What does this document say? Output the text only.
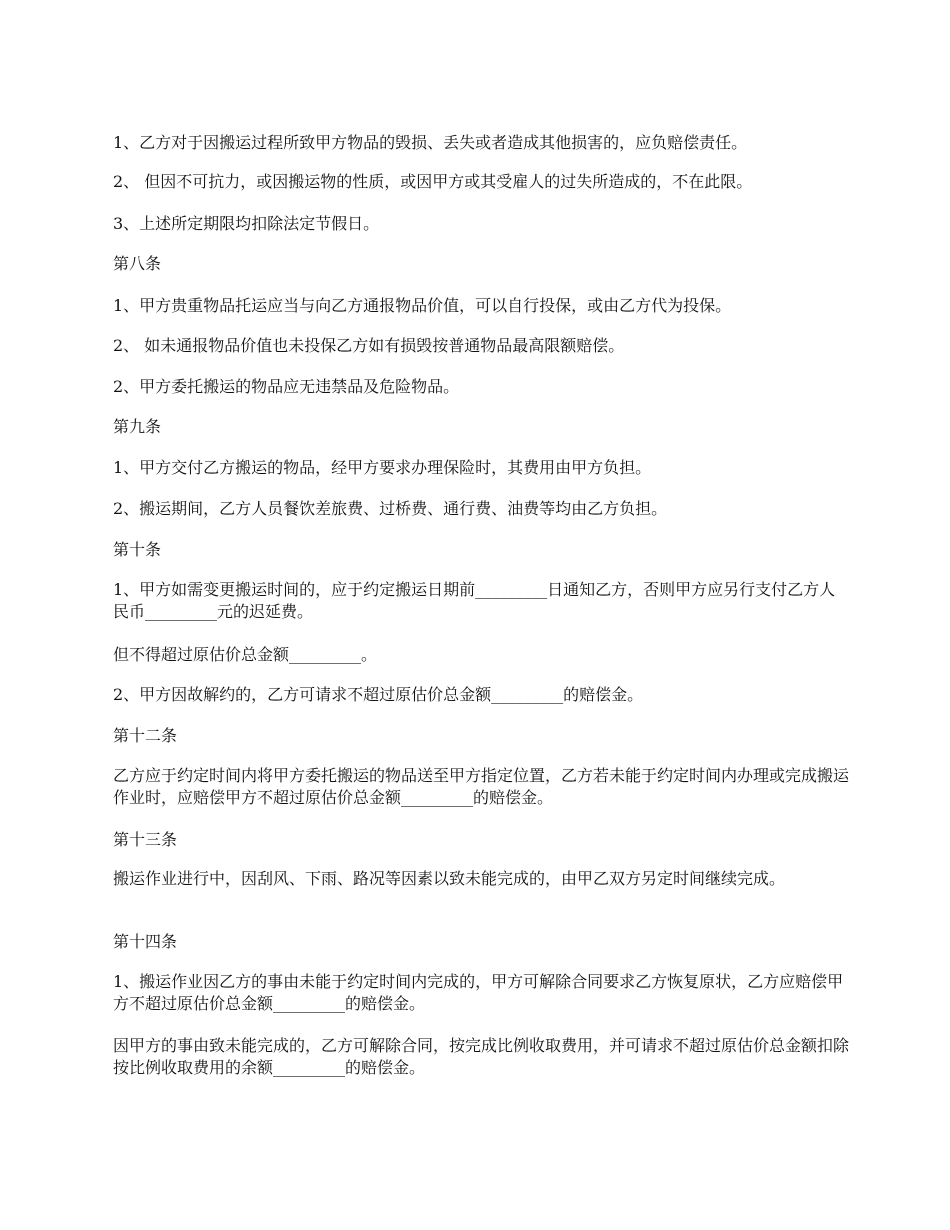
1、乙方对于因搬运过程所致甲方物品的毁损、丢失或者造成其他损害的，应负赔偿责任。

2、 但因不可抗力，或因搬运物的性质，或因甲方或其受雇人的过失所造成的，不在此限。

3、上述所定期限均扣除法定节假日。

第八条

1、甲方贵重物品托运应当与向乙方通报物品价值，可以自行投保，或由乙方代为投保。

2、 如未通报物品价值也未投保乙方如有损毁按普通物品最高限额赔偿。

2、甲方委托搬运的物品应无违禁品及危险物品。

第九条

1、甲方交付乙方搬运的物品，经甲方要求办理保险时，其费用由甲方负担。

2、搬运期间，乙方人员餐饮差旅费、过桥费、通行费、油费等均由乙方负担。

第十条

1、甲方如需变更搬运时间的，应于约定搬运日期前_________日通知乙方，否则甲方应另行支付乙方人民币_________元的迟延费。

但不得超过原估价总金额_________。

2、甲方因故解约的，乙方可请求不超过原估价总金额_________的赔偿金。

第十二条

乙方应于约定时间内将甲方委托搬运的物品送至甲方指定位置，乙方若未能于约定时间内办理或完成搬运作业时，应赔偿甲方不超过原估价总金额_________的赔偿金。

第十三条

搬运作业进行中，因刮风、下雨、路况等因素以致未能完成的，由甲乙双方另定时间继续完成。

第十四条

1、搬运作业因乙方的事由未能于约定时间内完成的，甲方可解除合同要求乙方恢复原状，乙方应赔偿甲方不超过原估价总金额_________的赔偿金。

因甲方的事由致未能完成的，乙方可解除合同，按完成比例收取费用，并可请求不超过原估价总金额扣除按比例收取费用的余额_________的赔偿金。
